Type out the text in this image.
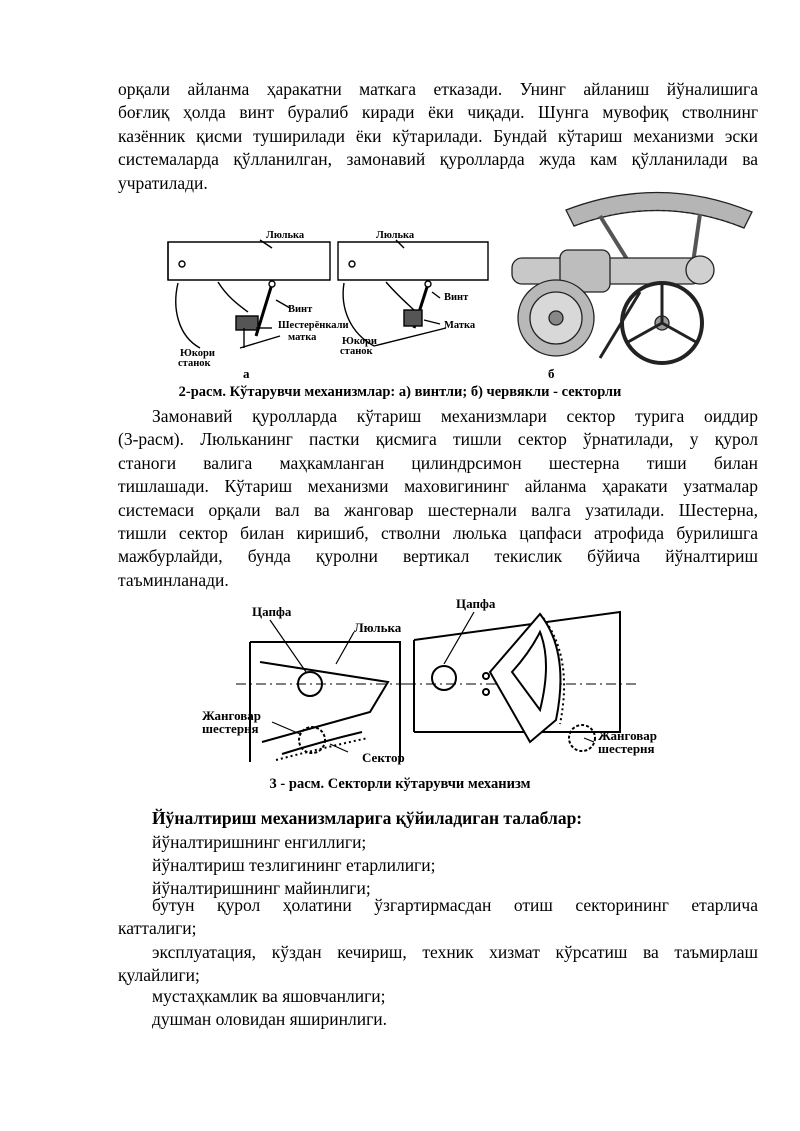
орқали айланма ҳаракатни маткага етказади. Унинг айланиш йўналишига
боғлиқ ҳолда винт буралиб киради ёки чиқади. Шунга мувофиқ стволнинг
казённик қисми туширилади ёки кўтарилади. Бундай кўтариш механизми эски
системаларда қўлланилган, замонавий қуролларда жуда кам қўлланилади ва
учратилади.
Люлька	Люлька
Винт
Винт
Шестерёнкали
матка
Матка
Юкори
станок
Юкори
станок
а	б

2-расм. Кўтарувчи механизмлар: а) винтли; б) червякли - секторли

Замонавий қуролларда кўтариш механизмлари сектор турига оиддир
(3-расм). Люльканинг пастки қисмига тишли сектор ўрнатилади, у қурол
станоги валига маҳкамланган цилиндрсимон шестерна тиши билан
тишлашади. Кўтариш механизми маховигининг айланма ҳаракати узатмалар
системаси орқали вал ва жанговар шестернали валга узатилади. Шестерна,
тишли сектор билан киришиб, стволни люлька цапфаси атрофида бурилишга
мажбурлайди, бунда қуролни вертикал текислик бўйича йўналтириш
таъминланади.
Цапфа
Люлька
Цапфа
Жанговар
шестерня
Сектор
Жанговар
шестерня

3 - расм. Секторли кўтарувчи механизм

Йўналтириш механизмларига қўйиладиган талаблар:

йўналтиришнинг енгиллиги;

йўналтириш тезлигининг етарлилиги;

йўналтиришнинг майинлиги;

бутун қурол ҳолатини ўзгартирмасдан отиш секторининг етарлича
катталиги;
эксплуатация, кўздан кечириш, техник хизмат кўрсатиш ва таъмирлаш
қулайлиги;

мустаҳкамлик ва яшовчанлиги;

душман оловидан яширинлиги.
